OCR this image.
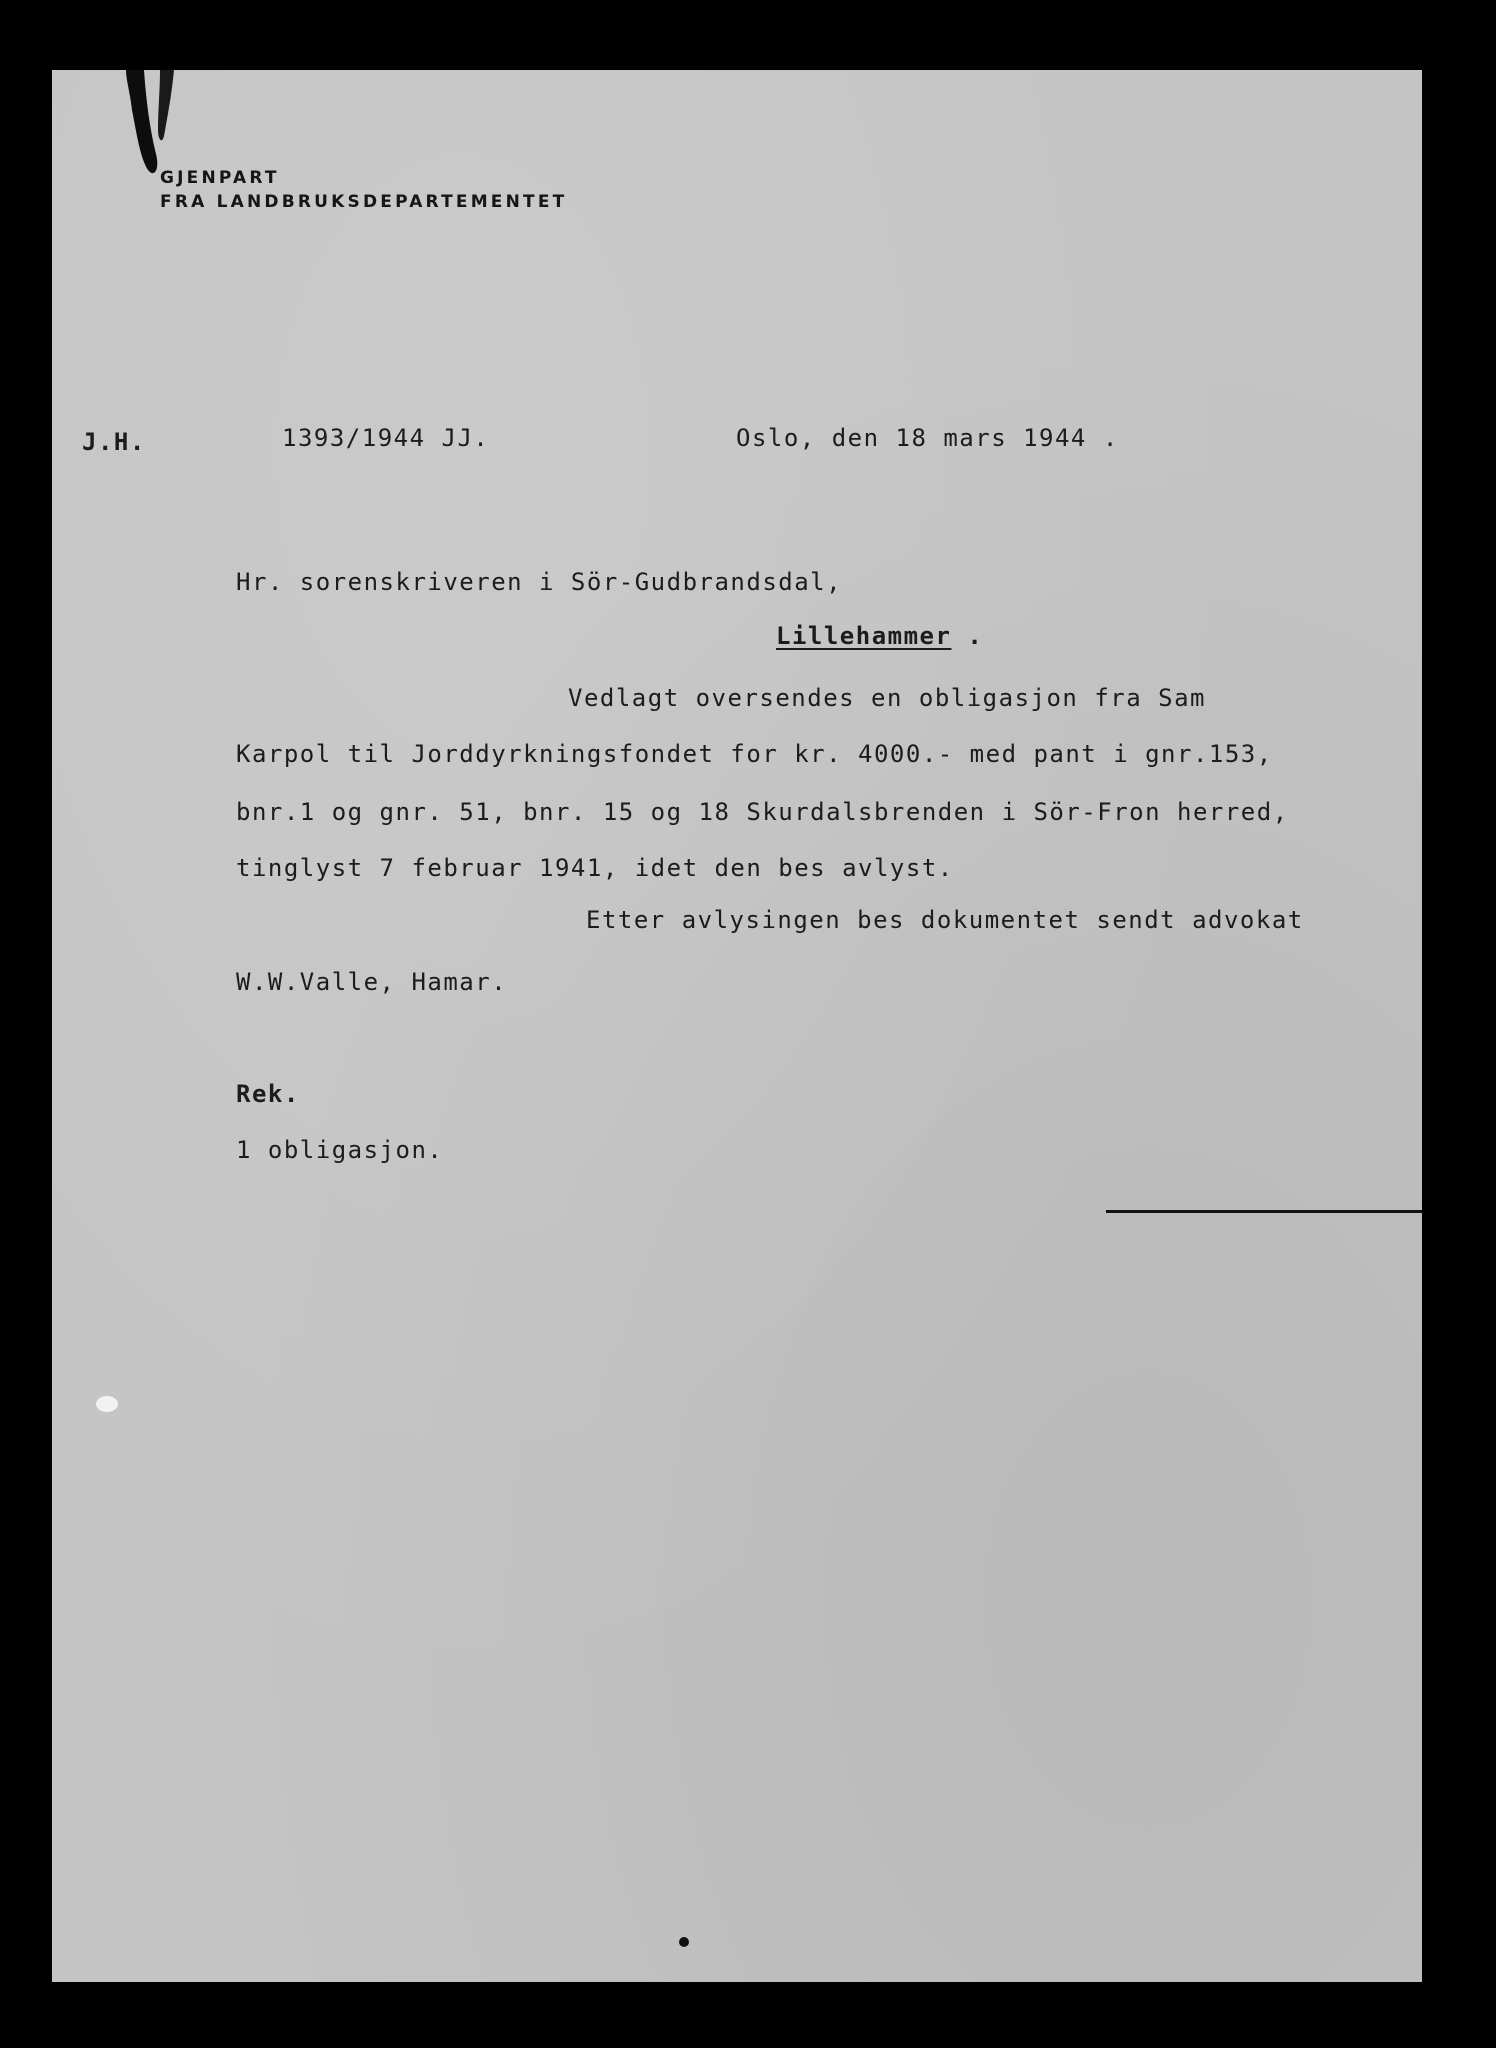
GJENPART
FRA LANDBRUKSDEPARTEMENTET
J.H.	1393/1944 JJ.	Oslo, den 18 mars 1944 .
Hr. sorenskriveren i Sör-Gudbrandsdal,
Lillehammer .
Vedlagt oversendes en obligasjon fra Sam
Karpol til Jorddyrkningsfondet for kr. 4000.- med pant i gnr.153,
bnr.1 og gnr. 51, bnr. 15 og 18 Skurdalsbrenden i Sör-Fron herred,
tinglyst 7 februar 1941, idet den bes avlyst.
Etter avlysingen bes dokumentet sendt advokat
W.W.Valle, Hamar.
Rek.
1 obligasjon.
